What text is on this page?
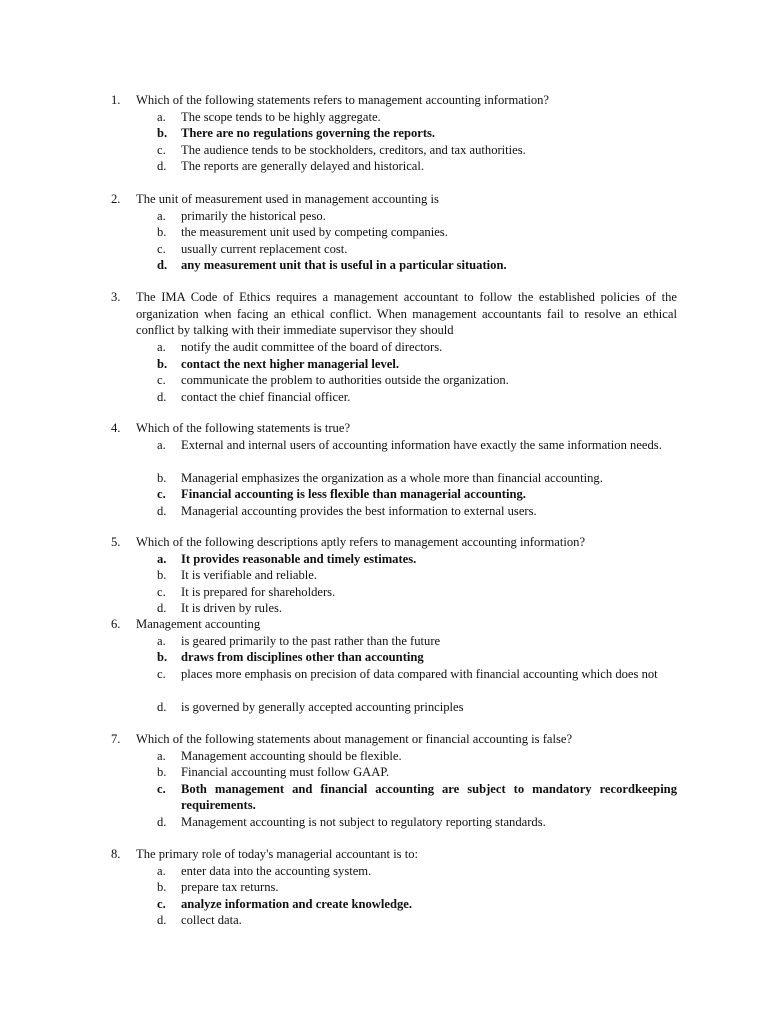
1.	Which of the following statements refers to management accounting information?
a.	The scope tends to be highly aggregate.
b.	There are no regulations governing the reports.
c.	The audience tends to be stockholders, creditors, and tax authorities.
d.	The reports are generally delayed and historical.
2.	The unit of measurement used in management accounting is
a.	primarily the historical peso.
b.	the measurement unit used by competing companies.
c.	usually current replacement cost.
d.	any measurement unit that is useful in a particular situation.
3.	The IMA Code of Ethics requires a management accountant to follow the established policies of the organization when facing an ethical conflict. When management accountants fail to resolve an ethical conflict by talking with their immediate supervisor they should
a.	notify the audit committee of the board of directors.
b.	contact the next higher managerial level.
c.	communicate the problem to authorities outside the organization.
d.	contact the chief financial officer.
4.	Which of the following statements is true?
a.	External and internal users of accounting information have exactly the same information needs.
b.	Managerial emphasizes the organization as a whole more than financial accounting.
c.	Financial accounting is less flexible than managerial accounting.
d.	Managerial accounting provides the best information to external users.
5.	Which of the following descriptions aptly refers to management accounting information?
a.	It provides reasonable and timely estimates.
b.	It is verifiable and reliable.
c.	It is prepared for shareholders.
d.	It is driven by rules.
6.	Management accounting
a.	is geared primarily to the past rather than the future
b.	draws from disciplines other than accounting
c.	places more emphasis on precision of data compared with financial accounting which does not
d.	is governed by generally accepted accounting principles
7.	Which of the following statements about management or financial accounting is false?
a.	Management accounting should be flexible.
b.	Financial accounting must follow GAAP.
c.	Both management and financial accounting are subject to mandatory recordkeeping requirements.
d.	Management accounting is not subject to regulatory reporting standards.
8.	The primary role of today's managerial accountant is to:
a.	enter data into the accounting system.
b.	prepare tax returns.
c.	analyze information and create knowledge.
d.	collect data.
